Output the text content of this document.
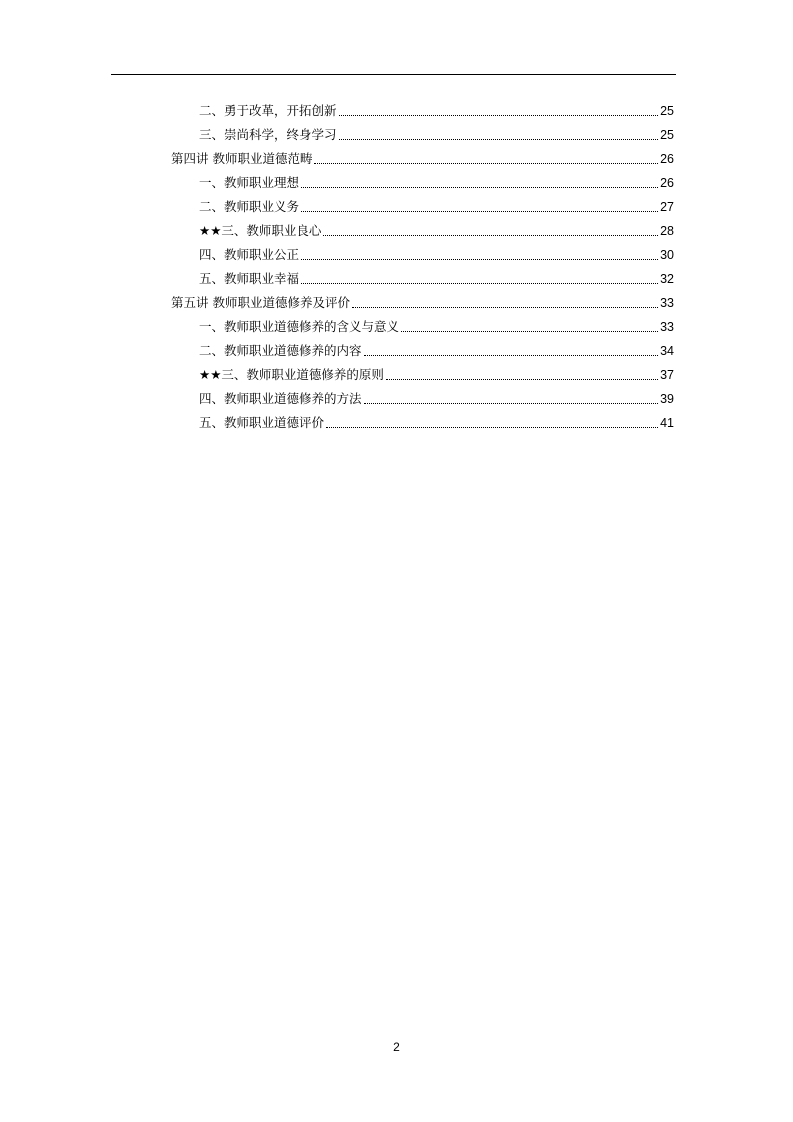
二、勇于改革，开拓创新	25
三、崇尚科学，终身学习	25
第四讲 教师职业道德范畴	26
一、教师职业理想	26
二、教师职业义务	27
★★三、教师职业良心	28
四、教师职业公正	30
五、教师职业幸福	32
第五讲 教师职业道德修养及评价	33
一、教师职业道德修养的含义与意义	33
二、教师职业道德修养的内容	34
★★三、教师职业道德修养的原则	37
四、教师职业道德修养的方法	39
五、教师职业道德评价	41
2
